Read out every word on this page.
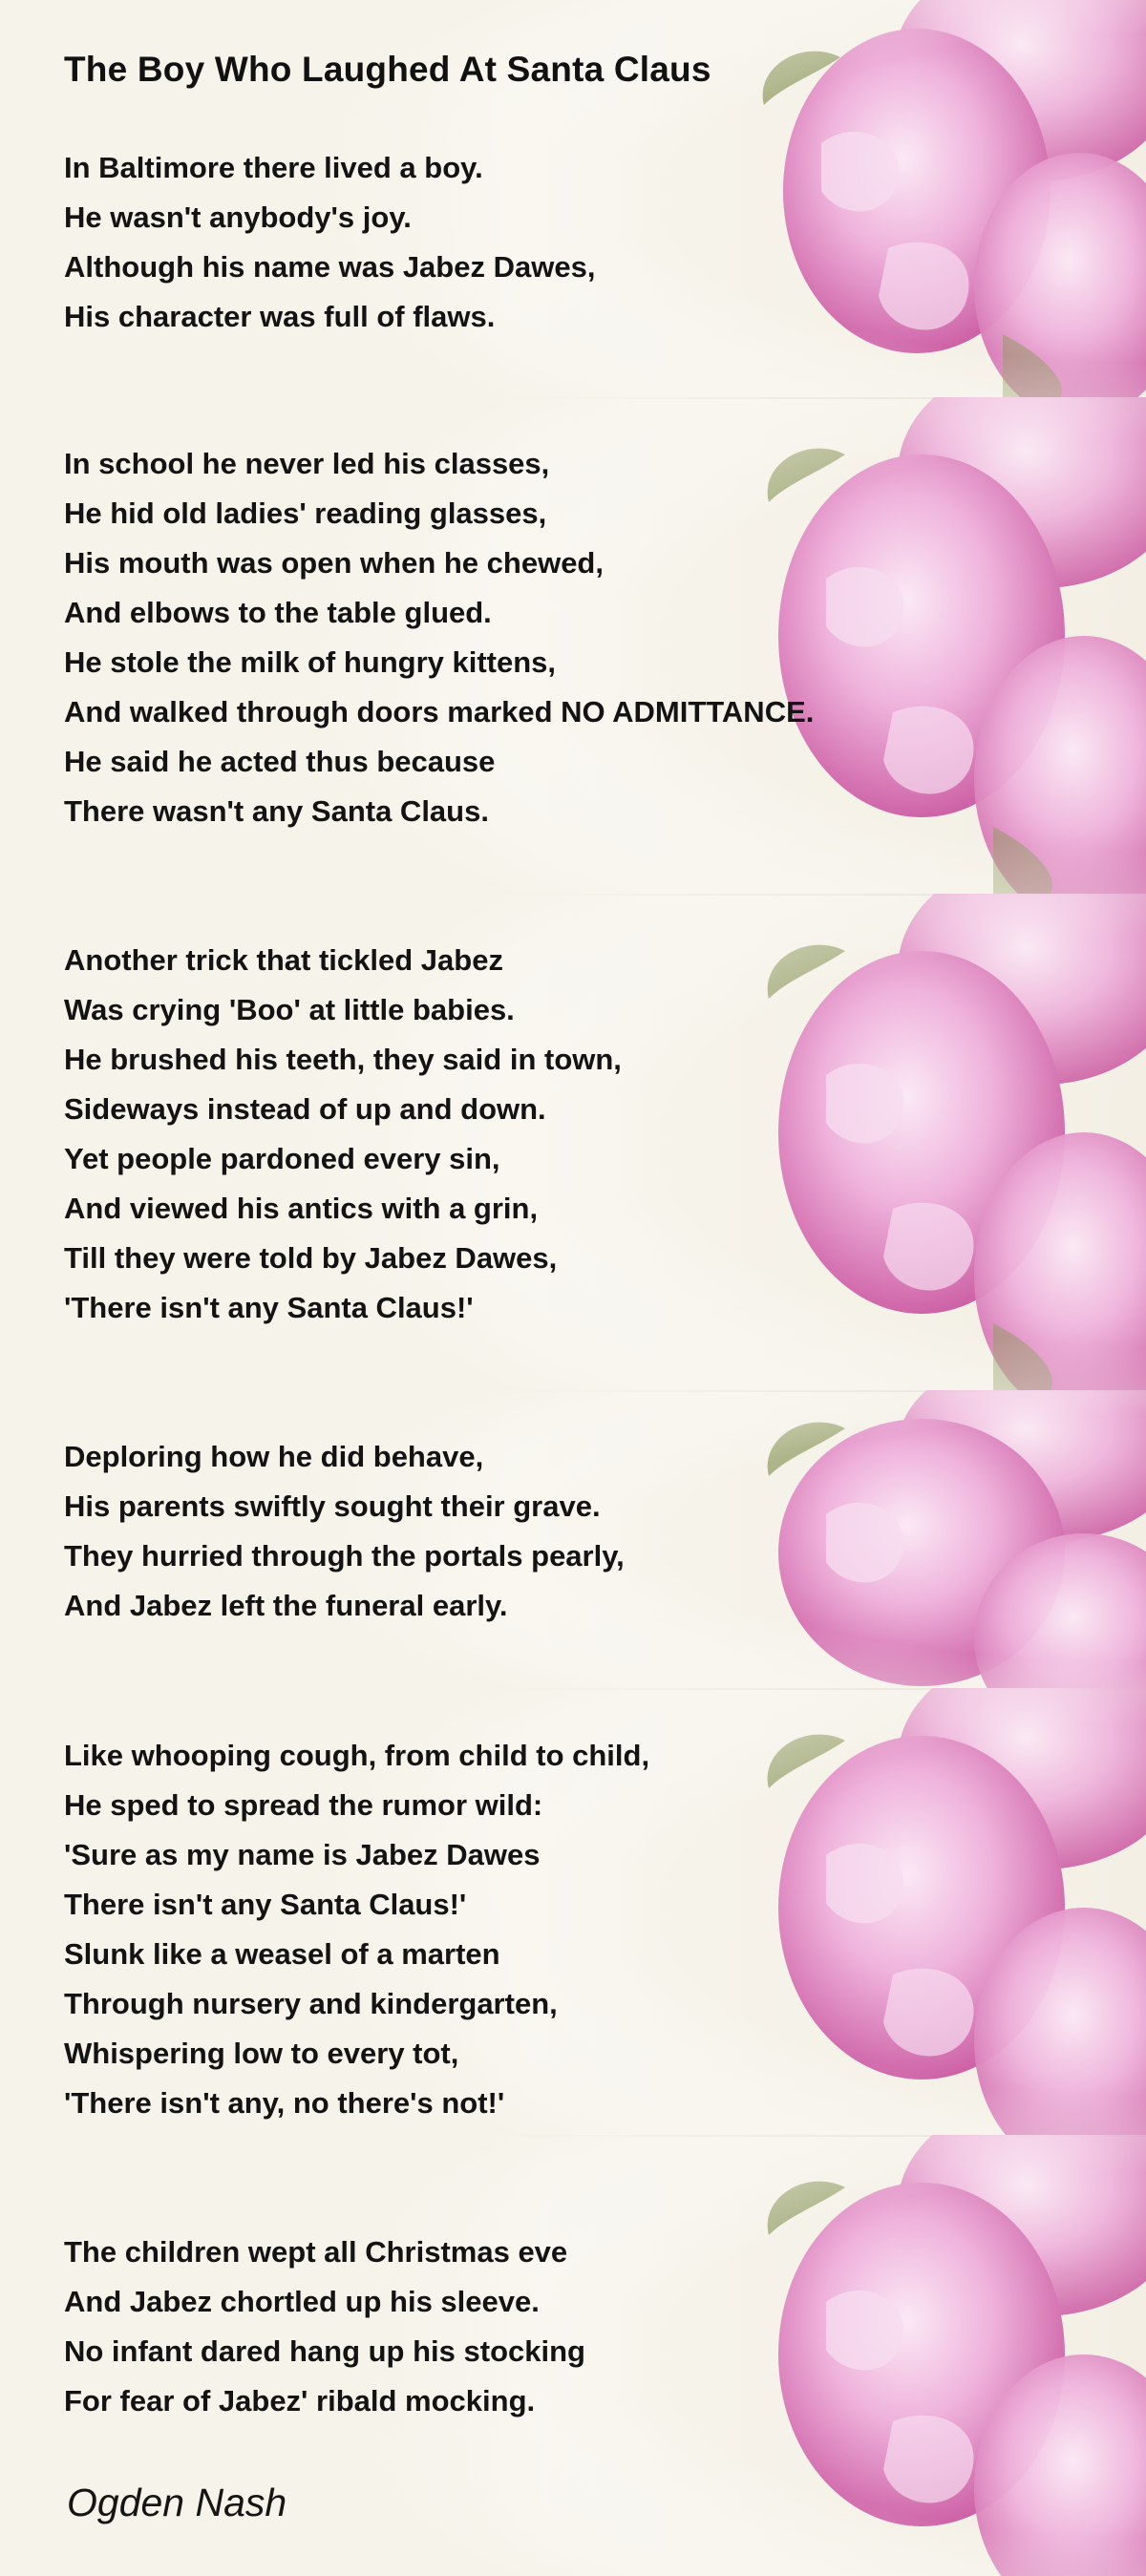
The Boy Who Laughed At Santa Claus
In Baltimore there lived a boy.
He wasn't anybody's joy.
Although his name was Jabez Dawes,
His character was full of flaws.
In school he never led his classes,
He hid old ladies' reading glasses,
His mouth was open when he chewed,
And elbows to the table glued.
He stole the milk of hungry kittens,
And walked through doors marked NO ADMITTANCE.
He said he acted thus because
There wasn't any Santa Claus.
Another trick that tickled Jabez
Was crying 'Boo' at little babies.
He brushed his teeth, they said in town,
Sideways instead of up and down.
Yet people pardoned every sin,
And viewed his antics with a grin,
Till they were told by Jabez Dawes,
'There isn't any Santa Claus!'
Deploring how he did behave,
His parents swiftly sought their grave.
They hurried through the portals pearly,
And Jabez left the funeral early.
Like whooping cough, from child to child,
He sped to spread the rumor wild:
'Sure as my name is Jabez Dawes
There isn't any Santa Claus!'
Slunk like a weasel of a marten
Through nursery and kindergarten,
Whispering low to every tot,
'There isn't any, no there's not!'
The children wept all Christmas eve
And Jabez chortled up his sleeve.
No infant dared hang up his stocking
For fear of Jabez' ribald mocking.
Ogden Nash
